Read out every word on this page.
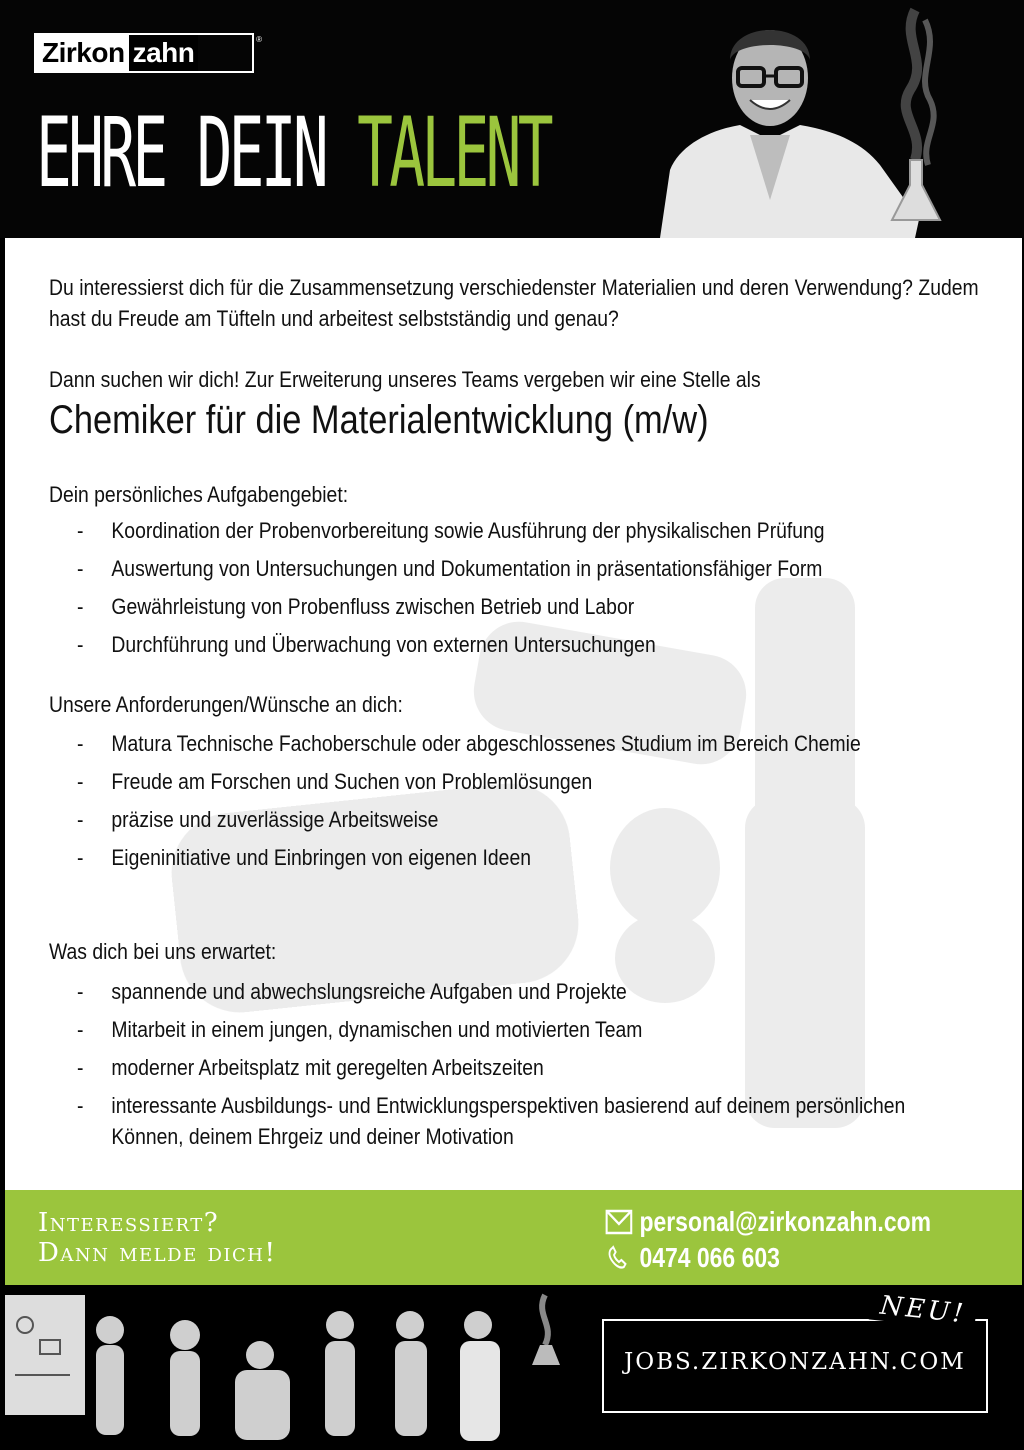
Zirkon zahn	®
EHRE DEIN TALENT
Du interessierst dich für die Zusammensetzung verschiedenster Materialien und deren Verwendung? Zudem hast du Freude am Tüfteln und arbeitest selbstständig und genau?
Dann suchen wir dich! Zur Erweiterung unseres Teams vergeben wir eine Stelle als
Chemiker für die Materialentwicklung (m/w)
Dein persönliches Aufgabengebiet:
- Koordination der Probenvorbereitung sowie Ausführung der physikalischen Prüfung
- Auswertung von Untersuchungen und Dokumentation in präsentationsfähiger Form
- Gewährleistung von Probenfluss zwischen Betrieb und Labor
- Durchführung und Überwachung von externen Untersuchungen
Unsere Anforderungen/Wünsche an dich:
- Matura Technische Fachoberschule oder abgeschlossenes Studium im Bereich Chemie
- Freude am Forschen und Suchen von Problemlösungen
- präzise und zuverlässige Arbeitsweise
- Eigeninitiative und Einbringen von eigenen Ideen
Was dich bei uns erwartet:
- spannende und abwechslungsreiche Aufgaben und Projekte
- Mitarbeit in einem jungen, dynamischen und motivierten Team
- moderner Arbeitsplatz mit geregelten Arbeitszeiten
- interessante Ausbildungs- und Entwicklungsperspektiven basierend auf deinem persönlichen Können, deinem Ehrgeiz und deiner Motivation
Interessiert?
Dann melde dich!
personal@zirkonzahn.com
0474 066 603
JOBS.ZIRKONZAHN.COM
NEU!
